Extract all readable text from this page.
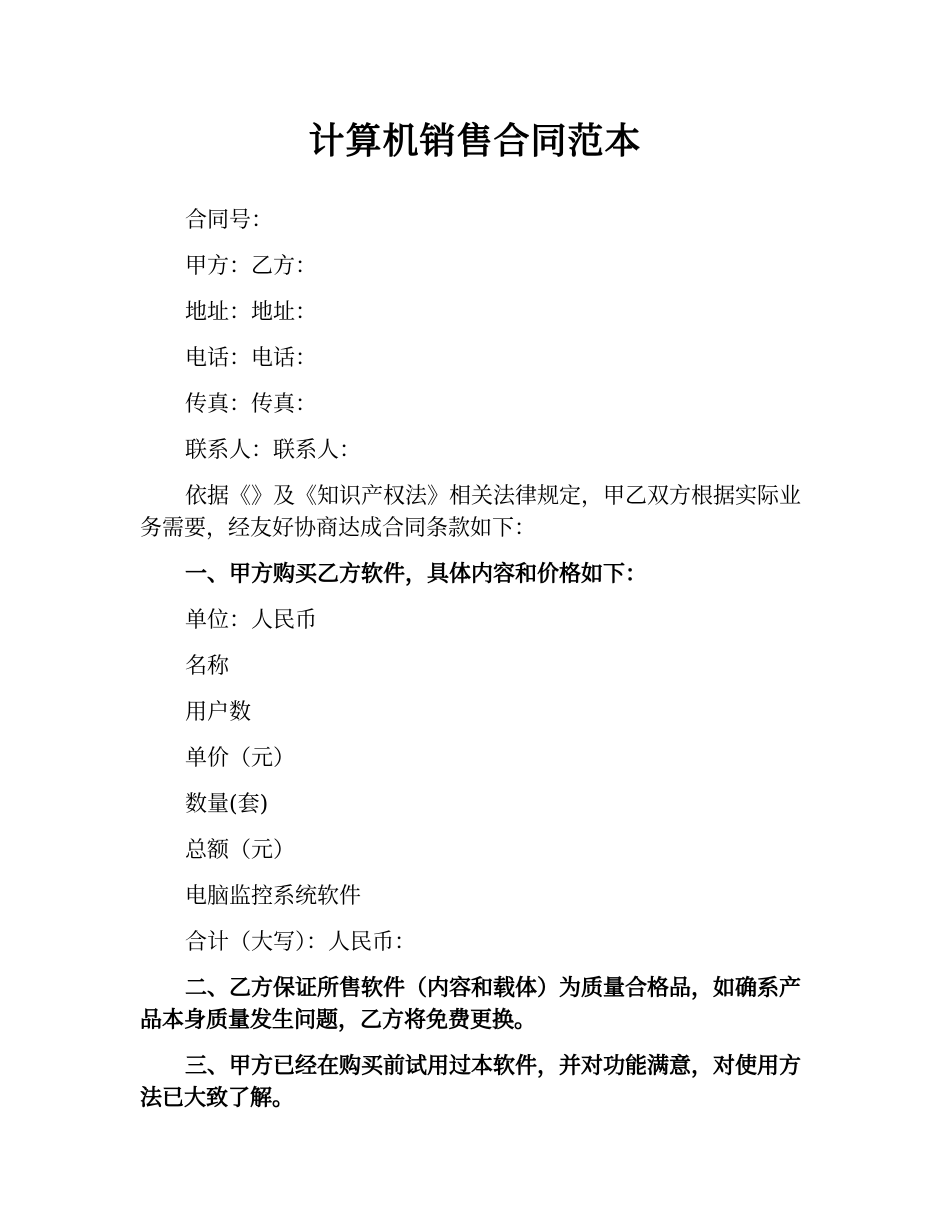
计算机销售合同范本

合同号：

甲方：乙方：

地址：地址：

电话：电话：

传真：传真：

联系人：联系人：

依据《》及《知识产权法》相关法律规定，甲乙双方根据实际业务需要，经友好协商达成合同条款如下：

一、甲方购买乙方软件，具体内容和价格如下：

单位：人民币

名称

用户数

单价（元）

数量(套)

总额（元）

电脑监控系统软件

合计（大写）：人民币：

二、乙方保证所售软件（内容和载体）为质量合格品，如确系产品本身质量发生问题，乙方将免费更换。

三、甲方已经在购买前试用过本软件，并对功能满意，对使用方法已大致了解。
